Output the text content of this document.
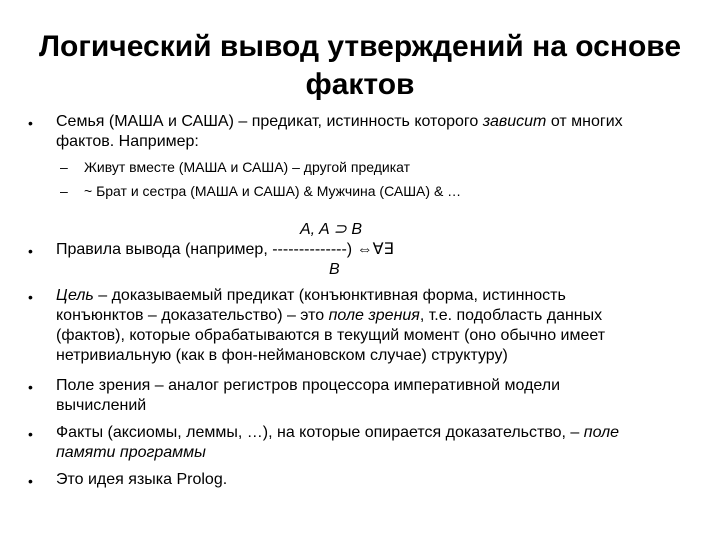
Логический вывод утверждений на основе
фактов
• Семья (МАША и САША) – предикат, истинность которого зависит от многих
фактов. Например:
– Живут вместе (МАША и САША) – другой предикат
– ~ Брат и сестра (МАША и САША) & Мужчина (САША) & …
A, A ⊃ B
• Правила вывода (например, --------------) ⇔∀∃
B
• Цель – доказываемый предикат (конъюнктивная форма, истинность
конъюнктов – доказательство) – это поле зрения, т.е. подобласть данных
(фактов), которые обрабатываются в текущий момент (оно обычно имеет
нетривиальную (как в фон-неймановском случае) структуру)
• Поле зрения – аналог регистров процессора императивной модели
вычислений
• Факты (аксиомы, леммы, …), на которые опирается доказательство, – поле
памяти программы
• Это идея языка Prolog.
